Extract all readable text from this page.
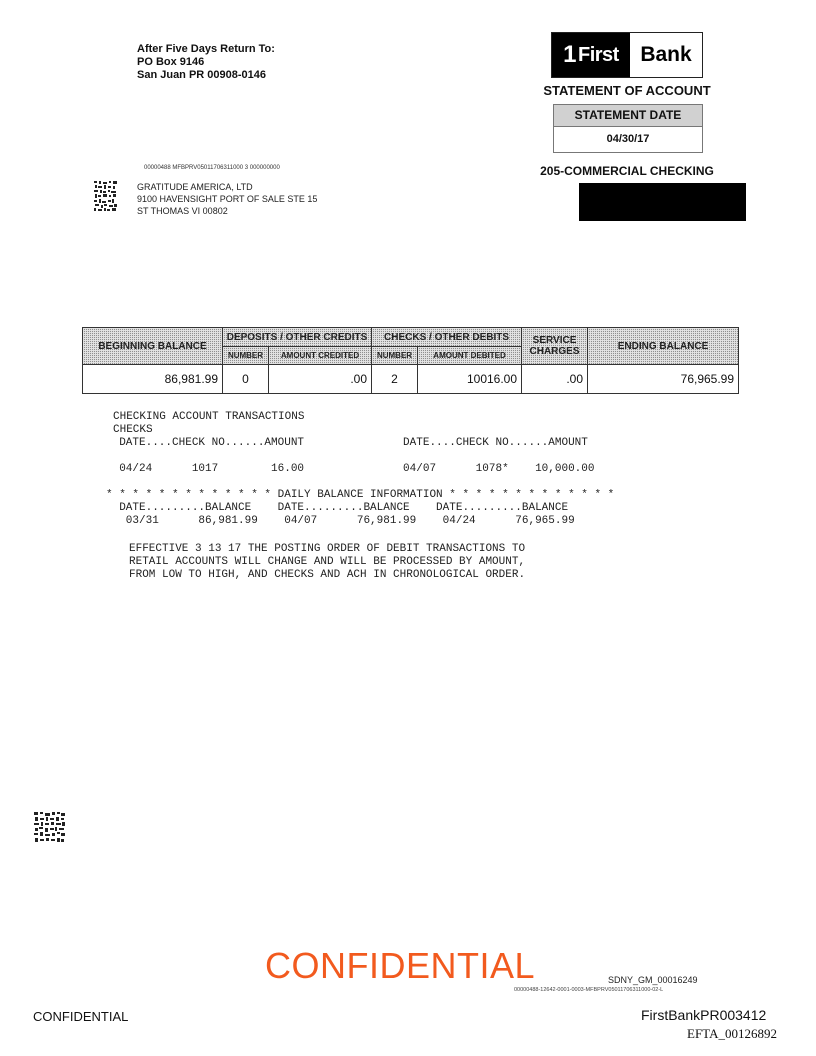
After Five Days Return To:
PO Box 9146
San Juan PR 00908-0146
1 First	Bank
STATEMENT OF ACCOUNT
STATEMENT DATE
04/30/17
205-COMMERCIAL CHECKING
00000488 MFBPRV05011706311000 3 000000000
GRATITUDE AMERICA, LTD
9100 HAVENSIGHT PORT OF SALE STE 15
ST THOMAS VI 00802
BEGINNING BALANCE	DEPOSITS / OTHER CREDITS		CHECKS / OTHER DEBITS		SERVICE
CHARGES	ENDING BALANCE
	NUMBER	AMOUNT CREDITED	NUMBER	AMOUNT DEBITED		
86,981.99	0	.00	2	10016.00	.00	76,965.99
CHECKING ACCOUNT TRANSACTIONS
CHECKS
DATE....CHECK NO......AMOUNT               DATE....CHECK NO......AMOUNT
04/24      1017        16.00               04/07      1078*    10,000.00
* * * * * * * * * * * * * DAILY BALANCE INFORMATION * * * * * * * * * * * * *
DATE.........BALANCE    DATE.........BALANCE    DATE.........BALANCE
03/31      86,981.99    04/07      76,981.99    04/24      76,965.99
EFFECTIVE 3 13 17 THE POSTING ORDER OF DEBIT TRANSACTIONS TO
RETAIL ACCOUNTS WILL CHANGE AND WILL BE PROCESSED BY AMOUNT,
FROM LOW TO HIGH, AND CHECKS AND ACH IN CHRONOLOGICAL ORDER.
CONFIDENTIAL	SDNY_GM_00016249
00000488-12642-0001-0003-MFBPRV05011706311000-02-L
CONFIDENTIAL	FirstBankPR003412
EFTA_00126892
